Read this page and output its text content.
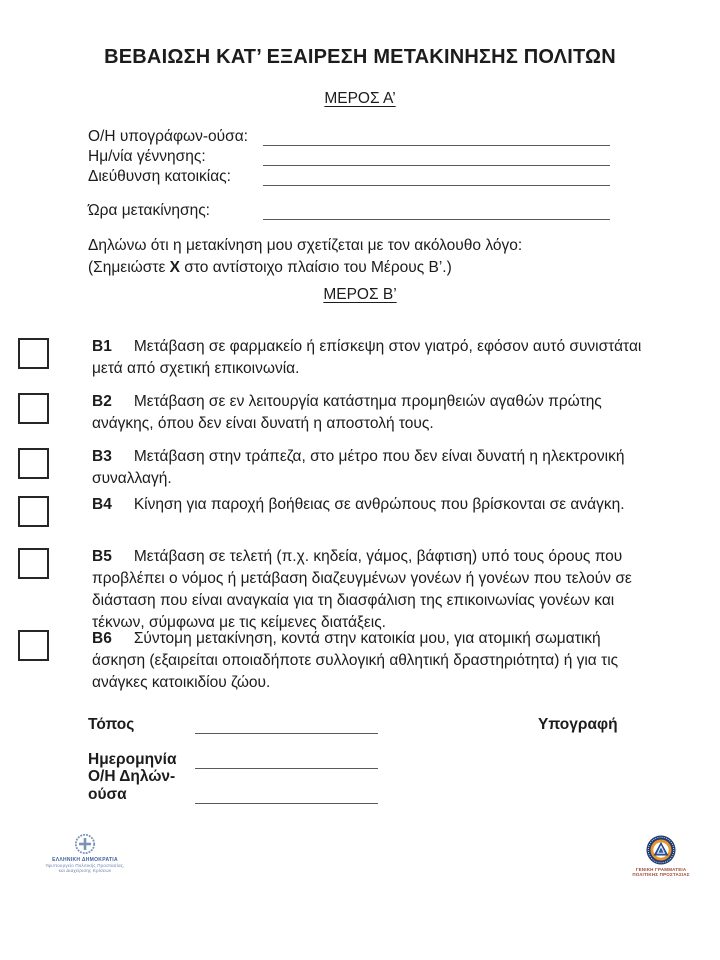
ΒΕΒΑΙΩΣΗ ΚΑΤ’ ΕΞΑΙΡΕΣΗ ΜΕΤΑΚΙΝΗΣΗΣ ΠΟΛΙΤΩΝ
ΜΕΡΟΣ Α’
Ο/Η υπογράφων-ούσα:
Ημ/νία γέννησης:
Διεύθυνση κατοικίας:
Ώρα μετακίνησης:
Δηλώνω ότι η μετακίνηση μου σχετίζεται με τον ακόλουθο λόγο:
(Σημειώστε X στο αντίστοιχο πλαίσιο του Μέρους Β’.)
ΜΕΡΟΣ Β’
Β1 Μετάβαση σε φαρμακείο ή επίσκεψη στον γιατρό, εφόσον αυτό συνιστάται μετά από σχετική επικοινωνία.
Β2 Μετάβαση σε εν λειτουργία κατάστημα προμηθειών αγαθών πρώτης ανάγκης, όπου δεν είναι δυνατή η αποστολή τους.
Β3 Μετάβαση στην τράπεζα, στο μέτρο που δεν είναι δυνατή η ηλεκτρονική συναλλαγή.
Β4 Κίνηση για παροχή βοήθειας σε ανθρώπους που βρίσκονται σε ανάγκη.
Β5 Μετάβαση σε τελετή (π.χ. κηδεία, γάμος, βάφτιση) υπό τους όρους που προβλέπει ο νόμος ή μετάβαση διαζευγμένων γονέων ή γονέων που τελούν σε διάσταση που είναι αναγκαία για τη διασφάλιση της επικοινωνίας γονέων και τέκνων, σύμφωνα με τις κείμενες διατάξεις.
Β6 Σύντομη μετακίνηση, κοντά στην κατοικία μου, για ατομική σωματική άσκηση (εξαιρείται οποιαδήποτε συλλογική αθλητική δραστηριότητα) ή για τις ανάγκες κατοικιδίου ζώου.
Τόπος
Ημερομηνία
Ο/Η Δηλών-ούσα
Υπογραφή
ΕΛΛΗΝΙΚΗ ΔΗΜΟΚΡΑΤΙΑ
Υφυπουργείο Πολιτικής Προστασίας,
και Διαχείρισης Κρίσεων	ΓΕΝΙΚΗ ΓΡΑΜΜΑΤΕΙΑ
ΠΟΛΙΤΙΚΗΣ ΠΡΟΣΤΑΣΙΑΣ
